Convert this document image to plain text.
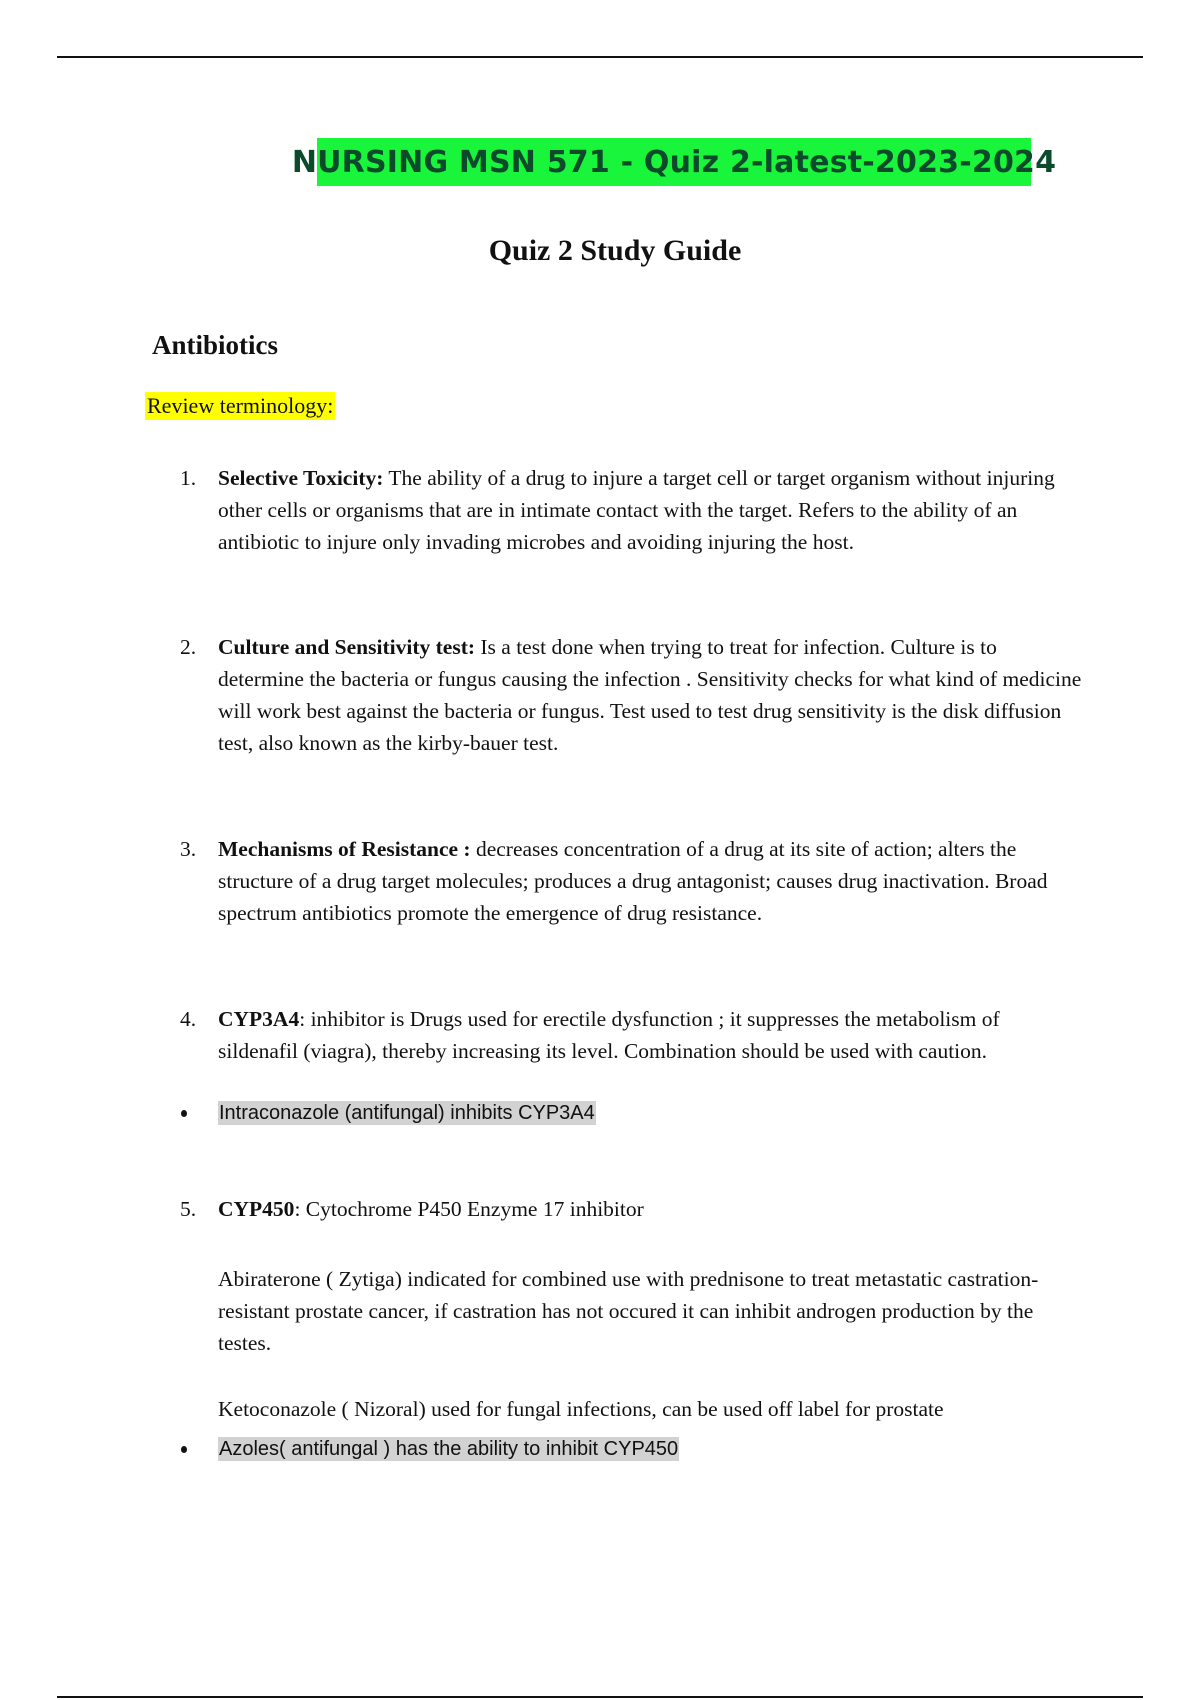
NURSING MSN 571 - Quiz 2-latest-2023-2024
Quiz 2 Study Guide
Antibiotics
Review terminology:
1. Selective Toxicity: The ability of a drug to injure a target cell or target organism without injuring other cells or organisms that are in intimate contact with the target. Refers to the ability of an antibiotic to injure only invading microbes and avoiding injuring the host.
2. Culture and Sensitivity test: Is a test done when trying to treat for infection. Culture is to determine the bacteria or fungus causing the infection . Sensitivity checks for what kind of medicine will work best against the bacteria or fungus. Test used to test drug sensitivity is the disk diffusion test, also known as the kirby-bauer test.
3. Mechanisms of Resistance : decreases concentration of a drug at its site of action; alters the structure of a drug target molecules; produces a drug antagonist; causes drug inactivation. Broad spectrum antibiotics promote the emergence of drug resistance.
4. CYP3A4: inhibitor is Drugs used for erectile dysfunction ; it suppresses the metabolism of sildenafil (viagra), thereby increasing its level. Combination should be used with caution.
Intraconazole (antifungal) inhibits CYP3A4
5. CYP450: Cytochrome P450 Enzyme 17 inhibitor
Abiraterone ( Zytiga) indicated for combined use with prednisone to treat metastatic castration-resistant prostate cancer, if castration has not occured it can inhibit androgen production by the testes.
Ketoconazole ( Nizoral) used for fungal infections, can be used off label for prostate
Azoles( antifungal ) has the ability to inhibit CYP450
